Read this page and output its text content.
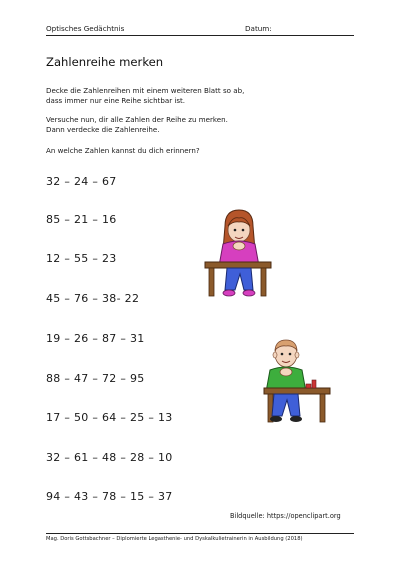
Optisches Gedächtnis	Datum:
Zahlenreihe merken
Decke die Zahlenreihen mit einem weiteren Blatt so ab,
dass immer nur eine Reihe sichtbar ist.
Versuche nun, dir alle Zahlen der Reihe zu merken.
Dann verdecke die Zahlenreihe.
An welche Zahlen kannst du dich erinnern?
32 – 24 – 67
85 – 21 – 16
12 – 55 – 23
45 – 76 – 38- 22
19 – 26 – 87 – 31
88 – 47 – 72 – 95
17 – 50 – 64 – 25 – 13
32 – 61 – 48 – 28 – 10
94 – 43 – 78 – 15 – 37
Bildquelle: https://openclipart.org
Mag. Doris Gottsbachner – Diplomierte Legasthenie- und Dyskalkulietrainerin in Ausbildung (2018)
